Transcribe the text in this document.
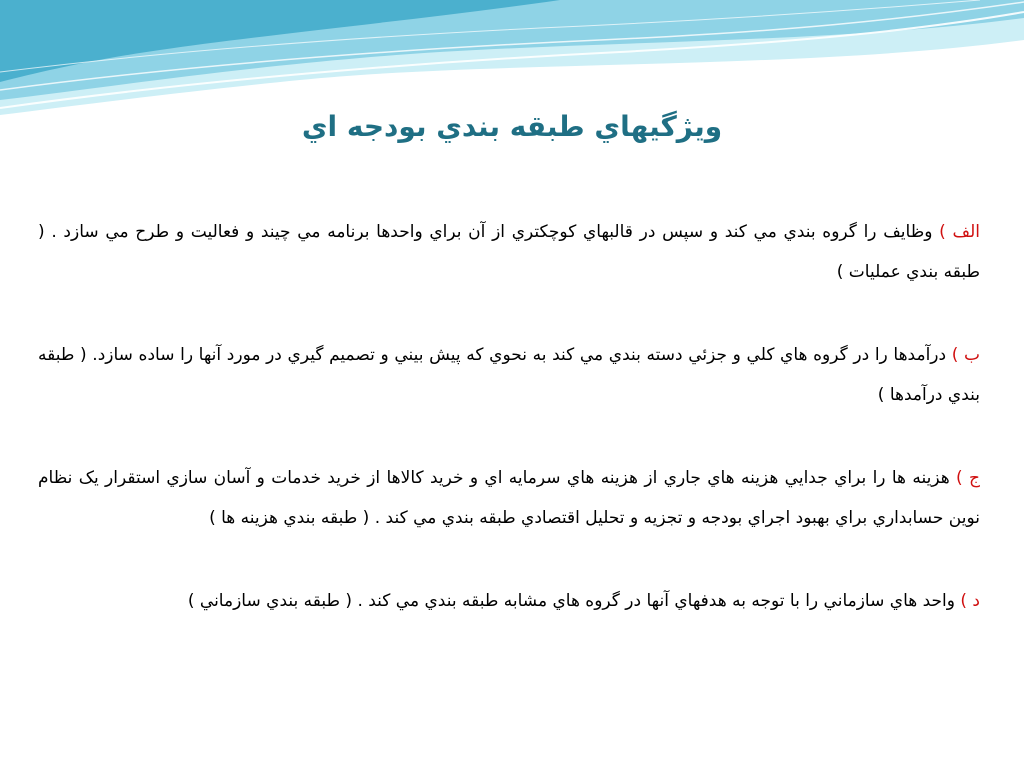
ويژگيهاي طبقه بندي بودجه اي

الف ) وظايف را گروه بندي مي كند و سپس در قالبهاي كوچكتري از آن براي واحدها برنامه مي چيند و فعاليت و طرح مي سازد . ( طبقه بندي عمليات )

ب ) درآمدها را در گروه هاي كلي و جزئي دسته بندي مي كند به نحوي كه پيش بيني و تصميم گيري در مورد آنها را ساده سازد. ( طبقه بندي درآمدها )

ج ) هزينه ها را براي جدايي هزينه هاي جاري از هزينه هاي سرمايه اي و خريد كالاها از خريد خدمات و آسان سازي استقرار يک نظام نوين حسابداري براي بهبود اجراي بودجه و تجزيه و تحليل اقتصادي طبقه بندي مي كند . ( طبقه بندي هزينه ها )

د ) واحد هاي سازماني را با توجه به هدفهاي آنها در گروه هاي مشابه طبقه بندي مي كند . ( طبقه بندي سازماني )
